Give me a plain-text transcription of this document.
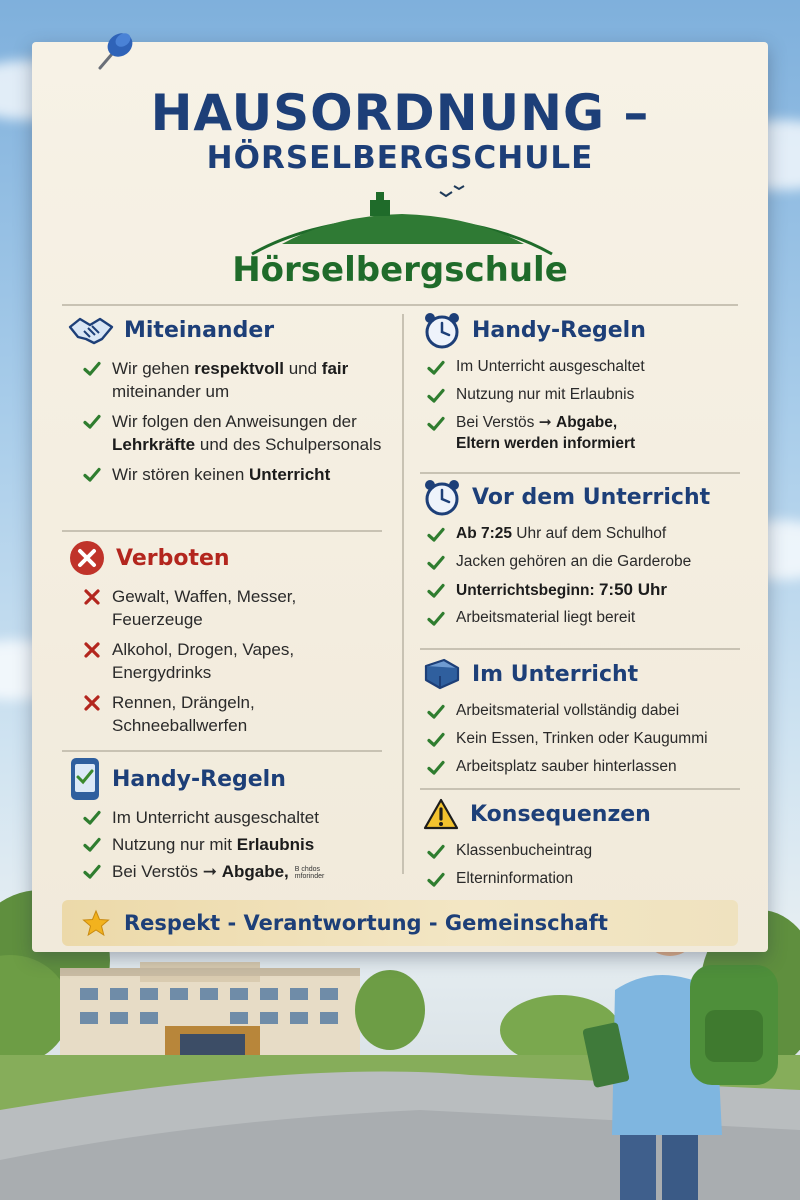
HAUSORDNUNG –
HÖRSELBERGSCHULE
Hörselbergschule
Miteinander
Wir gehen respektvoll und fair miteinander um
Wir folgen den Anweisungen der Lehrkräfte und des Schulpersonals
Wir stören keinen Unterricht
Verboten
Gewalt, Waffen, Messer, Feuerzeuge
Alkohol, Drogen, Vapes, Energydrinks
Rennen, Drängeln, Schneeballwerfen
Handy-Regeln
Im Unterricht ausgeschaltet
Nutzung nur mit Erlaubnis
Bei Verstös ➞ Abgabe, B chdos
mforinder
Handy-Regeln
Im Unterricht ausgeschaltet
Nutzung nur mit Erlaubnis
Bei Verstös ➞ Abgabe,
Eltern werden informiert
Vor dem Unterricht
Ab 7:25 Uhr auf dem Schulhof
Jacken gehören an die Garderobe
Unterrichtsbeginn: 7:50 Uhr
Arbeitsmaterial liegt bereit
Im Unterricht
Arbeitsmaterial vollständig dabei
Kein Essen, Trinken oder Kaugummi
Arbeitsplatz sauber hinterlassen
Konsequenzen
Klassenbucheintrag
Elterninformation
Respekt - Verantwortung - Gemeinschaft
